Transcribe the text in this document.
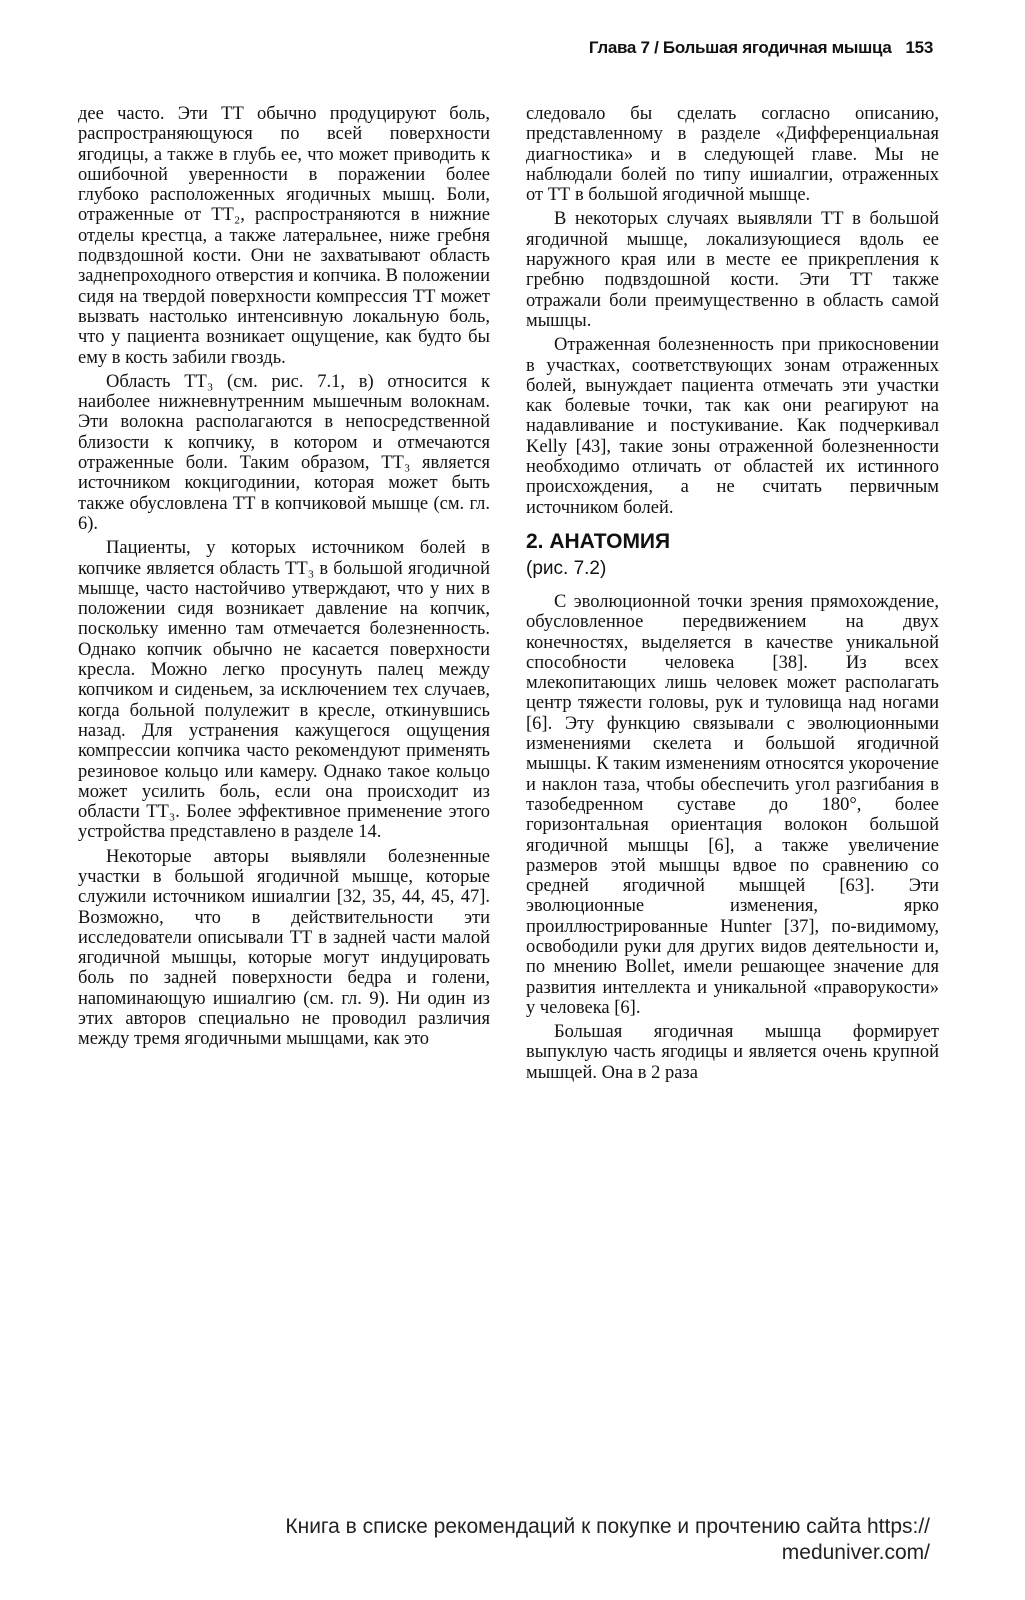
Глава 7 / Большая ягодичная мышца 153

дее часто. Эти ТТ обычно продуцируют боль, распространяющуюся по всей поверхности ягодицы, а также в глубь ее, что может приводить к ошибочной уверенности в поражении более глубоко расположенных ягодичных мышц. Боли, отраженные от ТТ₂, распространяются в нижние отделы крестца, а также латеральнее, ниже гребня подвздошной кости. Они не захватывают область заднепроходного отверстия и копчика. В положении сидя на твердой поверхности компрессия ТТ может вызвать настолько интенсивную локальную боль, что у пациента возникает ощущение, как будто бы ему в кость забили гвоздь.

Область ТТ₃ (см. рис. 7.1, в) относится к наиболее нижневнутренним мышечным волокнам. Эти волокна располагаются в непосредственной близости к копчику, в котором и отмечаются отраженные боли. Таким образом, ТТ₃ является источником кокцигодинии, которая может быть также обусловлена ТТ в копчиковой мышце (см. гл. 6).

Пациенты, у которых источником болей в копчике является область ТТ₃ в большой ягодичной мышце, часто настойчиво утверждают, что у них в положении сидя возникает давление на копчик, поскольку именно там отмечается болезненность. Однако копчик обычно не касается поверхности кресла. Можно легко просунуть палец между копчиком и сиденьем, за исключением тех случаев, когда больной полулежит в кресле, откинувшись назад. Для устранения кажущегося ощущения компрессии копчика часто рекомендуют применять резиновое кольцо или камеру. Однако такое кольцо может усилить боль, если она происходит из области ТТ₃. Более эффективное применение этого устройства представлено в разделе 14.

Некоторые авторы выявляли болезненные участки в большой ягодичной мышце, которые служили источником ишиалгии [32, 35, 44, 45, 47]. Возможно, что в действительности эти исследователи описывали ТТ в задней части малой ягодичной мышцы, которые могут индуцировать боль по задней поверхности бедра и голени, напоминающую ишиалгию (см. гл. 9). Ни один из этих авторов специально не проводил различия между тремя ягодичными мышцами, как это

следовало бы сделать согласно описанию, представленному в разделе «Дифференциальная диагностика» и в следующей главе. Мы не наблюдали болей по типу ишиалгии, отраженных от ТТ в большой ягодичной мышце.

В некоторых случаях выявляли ТТ в большой ягодичной мышце, локализующиеся вдоль ее наружного края или в месте ее прикрепления к гребню подвздошной кости. Эти ТТ также отражали боли преимущественно в область самой мышцы.

Отраженная болезненность при прикосновении в участках, соответствующих зонам отраженных болей, вынуждает пациента отмечать эти участки как болевые точки, так как они реагируют на надавливание и постукивание. Как подчеркивал Kelly [43], такие зоны отраженной болезненности необходимо отличать от областей их истинного происхождения, а не считать первичным источником болей.

2. АНАТОМИЯ
(рис. 7.2)

С эволюционной точки зрения прямохождение, обусловленное передвижением на двух конечностях, выделяется в качестве уникальной способности человека [38]. Из всех млекопитающих лишь человек может располагать центр тяжести головы, рук и туловища над ногами [6]. Эту функцию связывали с эволюционными изменениями скелета и большой ягодичной мышцы. К таким изменениям относятся укорочение и наклон таза, чтобы обеспечить угол разгибания в тазобедренном суставе до 180°, более горизонтальная ориентация волокон большой ягодичной мышцы [6], а также увеличение размеров этой мышцы вдвое по сравнению со средней ягодичной мышцей [63]. Эти эволюционные изменения, ярко проиллюстрированные Hunter [37], по-видимому, освободили руки для других видов деятельности и, по мнению Bollet, имели решающее значение для развития интеллекта и уникальной «праворукости» у человека [6].

Большая ягодичная мышца формирует выпуклую часть ягодицы и является очень крупной мышцей. Она в 2 раза

Книга в списке рекомендаций к покупке и прочтению сайта https://
meduniver.com/
